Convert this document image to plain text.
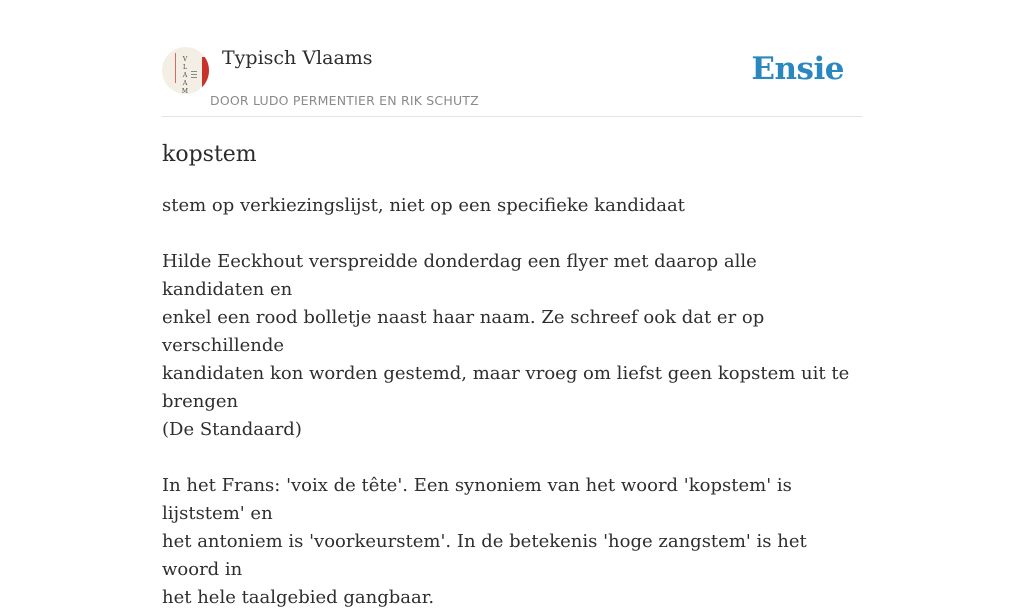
V
L
A
A
M
Typisch Vlaams
DOOR LUDO PERMENTIER EN RIK SCHUTZ
Ensie
kopstem

stem op verkiezingslijst, niet op een specifieke kandidaat

Hilde Eeckhout verspreidde donderdag een flyer met daarop alle kandidaten en

enkel een rood bolletje naast haar naam. Ze schreef ook dat er op verschillende

kandidaten kon worden gestemd, maar vroeg om liefst geen kopstem uit te

brengen

(De Standaard)

In het Frans: 'voix de tête'. Een synoniem van het woord 'kopstem' is lijststem' en

het antoniem is 'voorkeurstem'. In de betekenis 'hoge zangstem' is het woord in

het hele taalgebied gangbaar.
